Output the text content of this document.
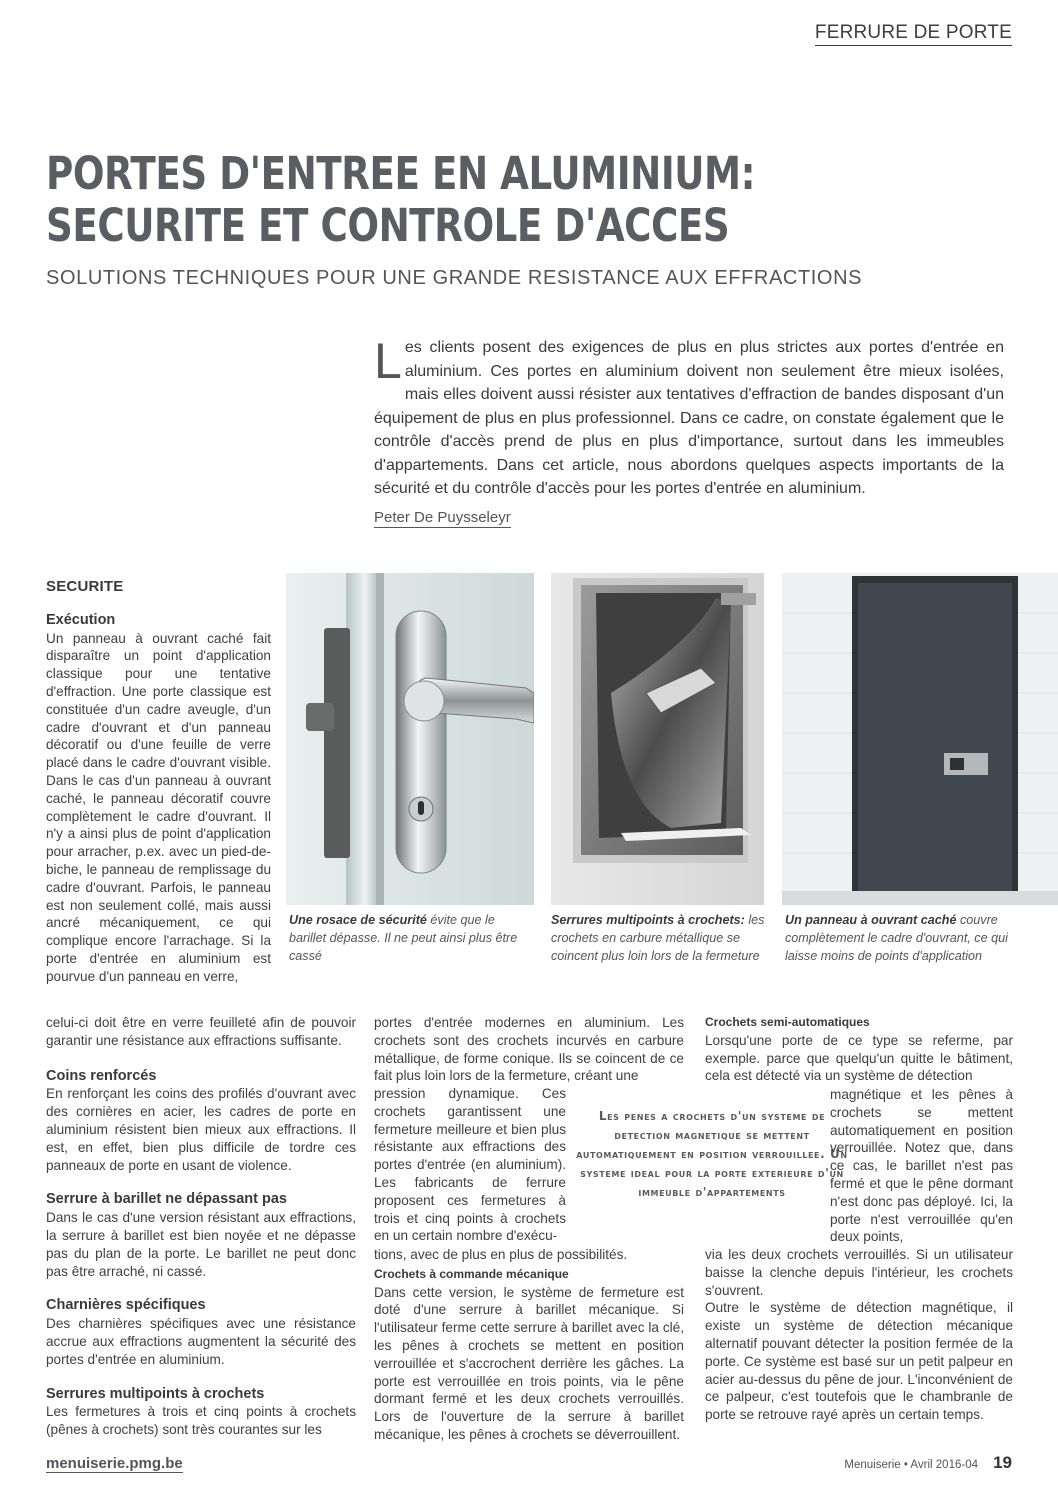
FERRURE DE PORTE
PORTES D'ENTREE EN ALUMINIUM:
SECURITE ET CONTROLE D'ACCES
SOLUTIONS TECHNIQUES POUR UNE GRANDE RESISTANCE AUX EFFRACTIONS
L es clients posent des exigences de plus en plus strictes aux portes d'entrée en aluminium. Ces portes en aluminium doivent non seulement être mieux isolées, mais elles doivent aussi résister aux tentatives d'effraction de bandes disposant d'un équipement de plus en plus professionnel. Dans ce cadre, on constate également que le contrôle d'accès prend de plus en plus d'importance, surtout dans les immeubles d'appartements. Dans cet article, nous abordons quelques aspects importants de la sécurité et du contrôle d'accès pour les portes d'entrée en aluminium.
Peter De Puysseleyr
SECURITE
Exécution

Un panneau à ouvrant caché fait disparaître un point d'application classique pour une tentative d'effraction. Une porte classique est constituée d'un cadre aveugle, d'un cadre d'ouvrant et d'un panneau décoratif ou d'une feuille de verre placé dans le cadre d'ouvrant visible. Dans le cas d'un panneau à ouvrant caché, le panneau décoratif couvre complètement le cadre d'ouvrant. Il n'y a ainsi plus de point d'application pour arracher, p.ex. avec un pied-de-biche, le panneau de remplissage du cadre d'ouvrant. Parfois, le panneau est non seulement collé, mais aussi ancré mécaniquement, ce qui complique encore l'arrachage. Si la porte d'entrée en aluminium est pourvue d'un panneau en verre,

celui-ci doit être en verre feuilleté afin de pouvoir garantir une résistance aux effractions suffisante.

Coins renforcés

En renforçant les coins des profilés d'ouvrant avec des cornières en acier, les cadres de porte en aluminium résistent bien mieux aux effractions. Il est, en effet, bien plus difficile de tordre ces panneaux de porte en usant de violence.

Serrure à barillet ne dépassant pas

Dans le cas d'une version résistant aux effractions, la serrure à barillet est bien noyée et ne dépasse pas du plan de la porte. Le barillet ne peut donc pas être arraché, ni cassé.

Charnières spécifiques

Des charnières spécifiques avec une résistance accrue aux effractions augmentent la sécurité des portes d'entrée en aluminium.

Serrures multipoints à crochets

Les fermetures à trois et cinq points à crochets (pênes à crochets) sont très courantes sur les

Une rosace de sécurité évite que le barillet dépasse. Il ne peut ainsi plus être cassé
Serrures multipoints à crochets: les crochets en carbure métallique se coincent plus loin lors de la fermeture
Un panneau à ouvrant caché couvre complètement le cadre d'ouvrant, ce qui laisse moins de points d'application

portes d'entrée modernes en aluminium. Les crochets sont des crochets incurvés en carbure métallique, de forme conique. Ils se coincent de ce fait plus loin lors de la fermeture, créant une

pression dynamique. Ces crochets garantissent une fermeture meilleure et bien plus résistante aux effractions des portes d'entrée (en aluminium). Les fabricants de ferrure proposent ces fermetures à trois et cinq points à crochets en un certain nombre d'exécu-

tions, avec de plus en plus de possibilités.

Crochets à commande mécanique

Dans cette version, le système de fermeture est doté d'une serrure à barillet mécanique. Si l'utilisateur ferme cette serrure à barillet avec la clé, les pênes à crochets se mettent en position verrouillée et s'accrochent derrière les gâches. La porte est verrouillée en trois points, via le pêne dormant fermé et les deux crochets verrouillés. Lors de l'ouverture de la serrure à barillet mécanique, les pênes à crochets se déverrouillent.

Les penes a crochets d'un systeme de detection magnetique se mettent automatiquement en position verrouillee. Un systeme ideal pour la porte exterieure d'un immeuble d'appartements
Crochets semi-automatiques

Lorsqu'une porte de ce type se referme, par exemple. parce que quelqu'un quitte le bâtiment, cela est détecté via un système de détection

magnétique et les pênes à crochets se mettent automatiquement en position verrouillée. Notez que, dans ce cas, le barillet n'est pas fermé et que le pêne dormant n'est donc pas déployé. Ici, la porte n'est verrouillée qu'en deux points,

via les deux crochets verrouillés. Si un utilisateur baisse la clenche depuis l'intérieur, les crochets s'ouvrent.

Outre le système de détection magnétique, il existe un système de détection mécanique alternatif pouvant détecter la position fermée de la porte. Ce système est basé sur un petit palpeur en acier au-dessus du pêne de jour. L'inconvénient de ce palpeur, c'est toutefois que le chambranle de porte se retrouve rayé après un certain temps.

menuiserie.pmg.be	Menuiserie • Avril 2016-04 19
